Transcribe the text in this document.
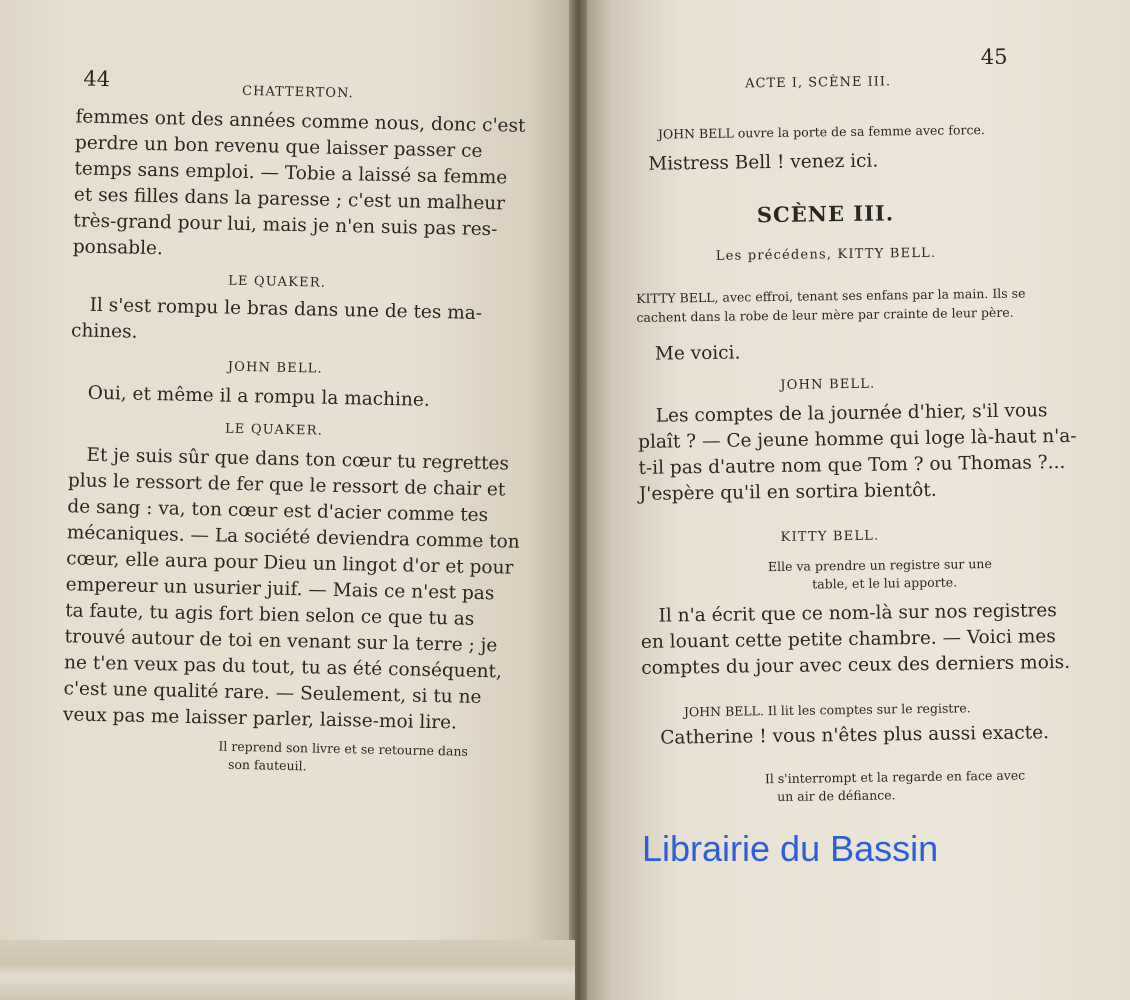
44
CHATTERTON.
femmes ont des années comme nous, donc c'est
perdre un bon revenu que laisser passer ce
temps sans emploi. — Tobie a laissé sa femme
et ses filles dans la paresse ; c'est un malheur
très-grand pour lui, mais je n'en suis pas res-
ponsable.
LE QUAKER.
Il s'est rompu le bras dans une de tes ma-
chines.
JOHN BELL.
Oui, et même il a rompu la machine.
LE QUAKER.
Et je suis sûr que dans ton cœur tu regrettes
plus le ressort de fer que le ressort de chair et
de sang : va, ton cœur est d'acier comme tes
mécaniques. — La société deviendra comme ton
cœur, elle aura pour Dieu un lingot d'or et pour
empereur un usurier juif. — Mais ce n'est pas
ta faute, tu agis fort bien selon ce que tu as
trouvé autour de toi en venant sur la terre ; je
ne t'en veux pas du tout, tu as été conséquent,
c'est une qualité rare. — Seulement, si tu ne
veux pas me laisser parler, laisse-moi lire.
Il reprend son livre et se retourne dans
son fauteuil.
ACTE I, SCÈNE III.
45
JOHN BELL ouvre la porte de sa femme avec force.
Mistress Bell ! venez ici.
SCÈNE III.
Les précédens, KITTY BELL.
KITTY BELL, avec effroi, tenant ses enfans par la main. Ils se
cachent dans la robe de leur mère par crainte de leur père.
Me voici.
JOHN BELL.
Les comptes de la journée d'hier, s'il vous
plaît ? — Ce jeune homme qui loge là-haut n'a-
t-il pas d'autre nom que Tom ? ou Thomas ?...
J'espère qu'il en sortira bientôt.
KITTY BELL.
Elle va prendre un registre sur une
table, et le lui apporte.
Il n'a écrit que ce nom-là sur nos registres
en louant cette petite chambre. — Voici mes
comptes du jour avec ceux des derniers mois.
JOHN BELL. Il lit les comptes sur le registre.
Catherine ! vous n'êtes plus aussi exacte.
Il s'interrompt et la regarde en face avec
un air de défiance.
Librairie du Bassin
